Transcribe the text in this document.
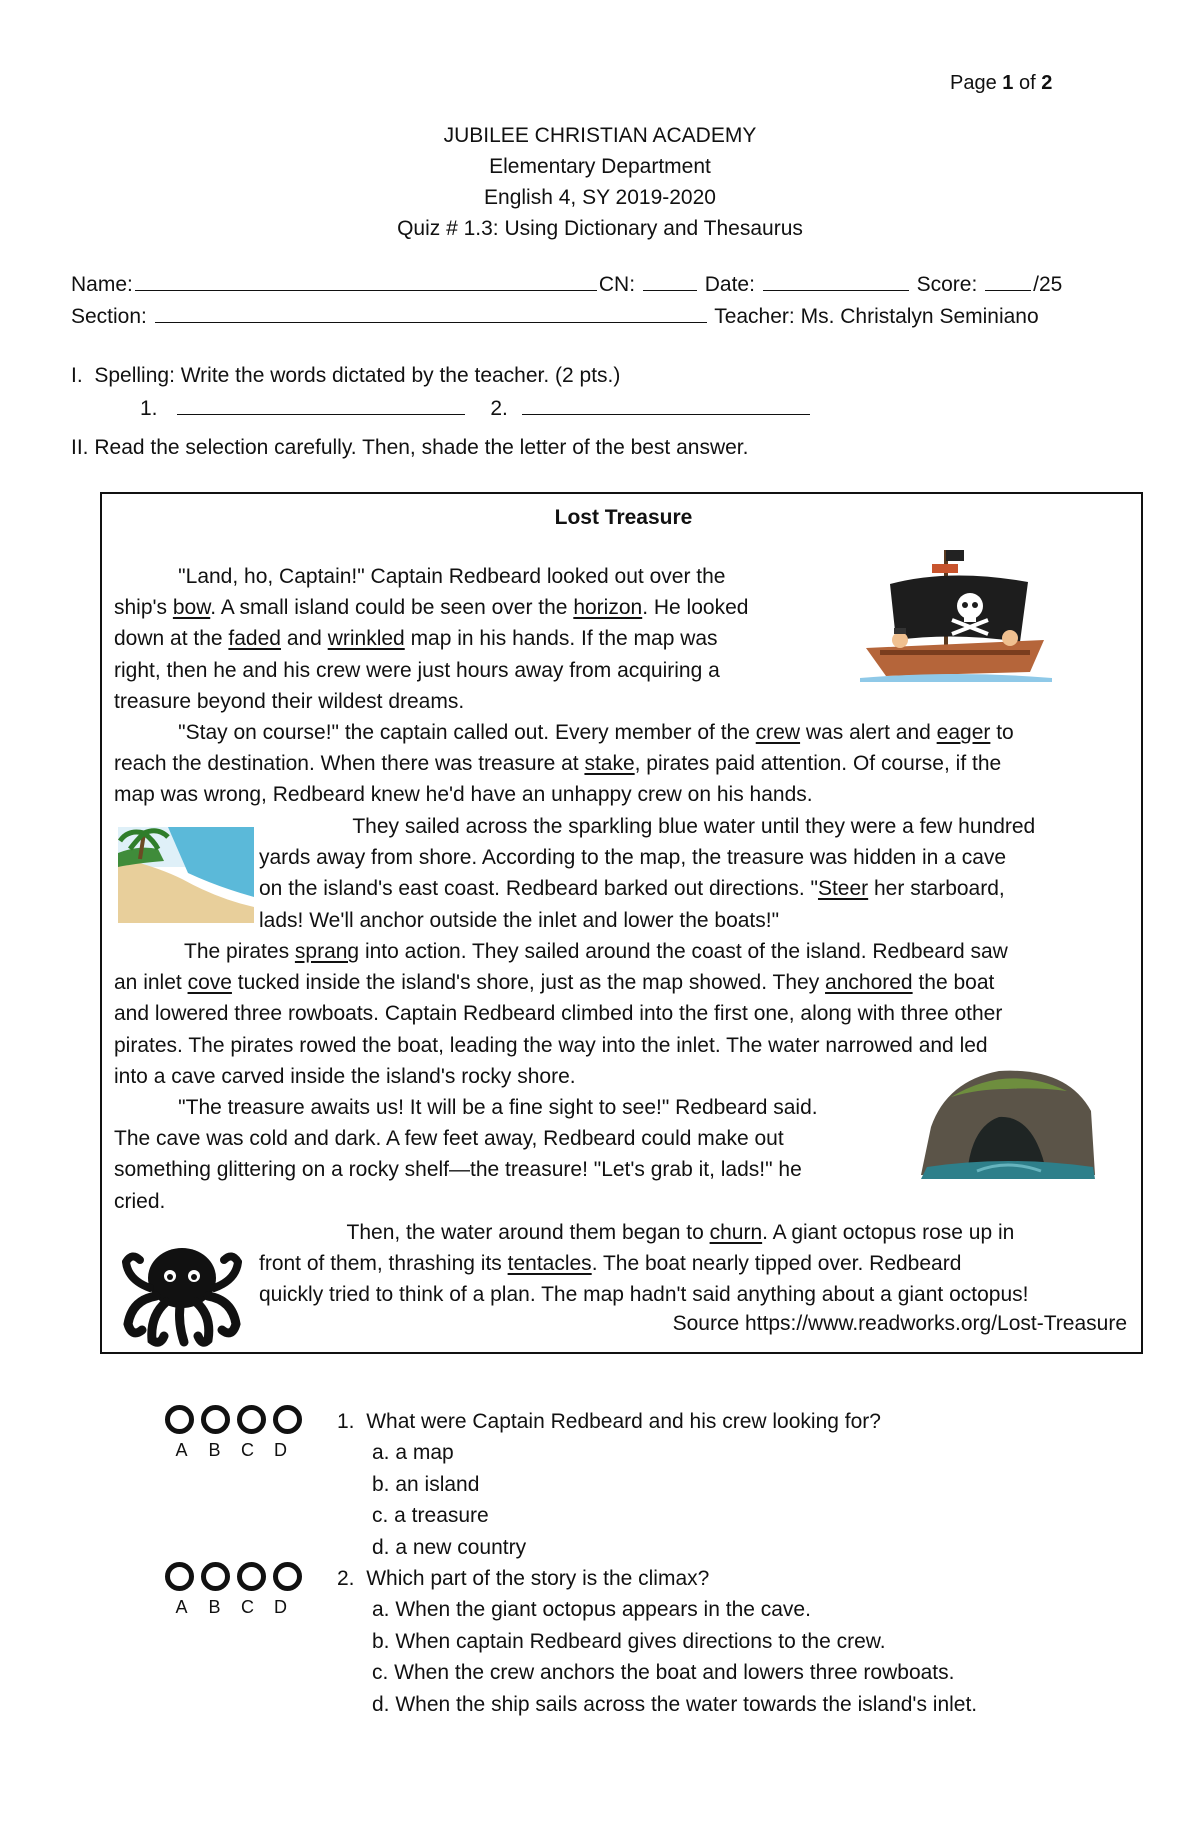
Page 1 of 2
JUBILEE CHRISTIAN ACADEMY
Elementary Department
English 4, SY 2019-2020
Quiz # 1.3: Using Dictionary and Thesaurus
Name:	CN:	Date:	Score:	/25
Section:	Teacher: Ms. Christalyn Seminiano
I. Spelling: Write the words dictated by the teacher. (2 pts.)
1.	2.
II. Read the selection carefully. Then, shade the letter of the best answer.
Lost Treasure
"Land, ho, Captain!" Captain Redbeard looked out over the
ship's bow. A small island could be seen over the horizon. He looked
down at the faded and wrinkled map in his hands. If the map was
right, then he and his crew were just hours away from acquiring a
treasure beyond their wildest dreams.
"Stay on course!" the captain called out. Every member of the crew was alert and eager to
reach the destination. When there was treasure at stake, pirates paid attention. Of course, if the
map was wrong, Redbeard knew he'd have an unhappy crew on his hands.
They sailed across the sparkling blue water until they were a few hundred
yards away from shore. According to the map, the treasure was hidden in a cave
on the island's east coast. Redbeard barked out directions. "Steer her starboard,
lads! We'll anchor outside the inlet and lower the boats!"
The pirates sprang into action. They sailed around the coast of the island. Redbeard saw
an inlet cove tucked inside the island's shore, just as the map showed. They anchored the boat
and lowered three rowboats. Captain Redbeard climbed into the first one, along with three other
pirates. The pirates rowed the boat, leading the way into the inlet. The water narrowed and led
into a cave carved inside the island's rocky shore.
"The treasure awaits us! It will be a fine sight to see!" Redbeard said.
The cave was cold and dark. A few feet away, Redbeard could make out
something glittering on a rocky shelf—the treasure! "Let's grab it, lads!" he
cried.
Then, the water around them began to churn. A giant octopus rose up in
front of them, thrashing its tentacles. The boat nearly tipped over. Redbeard
quickly tried to think of a plan. The map hadn't said anything about a giant octopus!
Source https://www.readworks.org/Lost-Treasure
A	B	C	D
1. What were Captain Redbeard and his crew looking for?
a. a map
b. an island
c. a treasure
d. a new country
A	B	C	D
2. Which part of the story is the climax?
a. When the giant octopus appears in the cave.
b. When captain Redbeard gives directions to the crew.
c. When the crew anchors the boat and lowers three rowboats.
d. When the ship sails across the water towards the island's inlet.
